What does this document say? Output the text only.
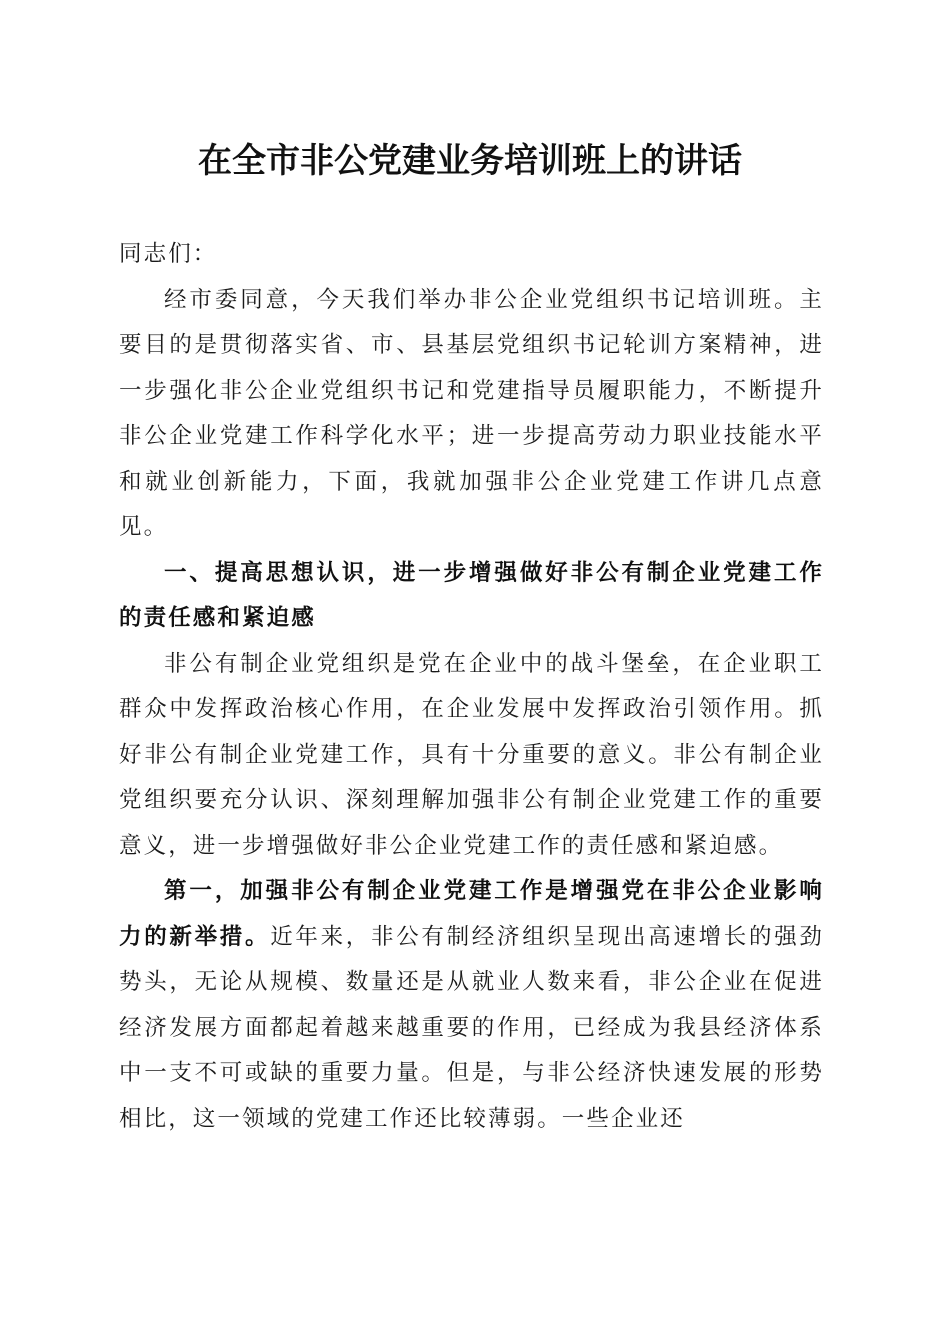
在全市非公党建业务培训班上的讲话

同志们：

经市委同意，今天我们举办非公企业党组织书记培训班。主要目的是贯彻落实省、市、县基层党组织书记轮训方案精神，进一步强化非公企业党组织书记和党建指导员履职能力，不断提升非公企业党建工作科学化水平；进一步提高劳动力职业技能水平和就业创新能力，下面，我就加强非公企业党建工作讲几点意见。

一、提高思想认识，进一步增强做好非公有制企业党建工作的责任感和紧迫感

非公有制企业党组织是党在企业中的战斗堡垒，在企业职工群众中发挥政治核心作用，在企业发展中发挥政治引领作用。抓好非公有制企业党建工作，具有十分重要的意义。非公有制企业党组织要充分认识、深刻理解加强非公有制企业党建工作的重要意义，进一步增强做好非公企业党建工作的责任感和紧迫感。

第一，加强非公有制企业党建工作是增强党在非公企业影响力的新举措。近年来，非公有制经济组织呈现出高速增长的强劲势头，无论从规模、数量还是从就业人数来看，非公企业在促进经济发展方面都起着越来越重要的作用，已经成为我县经济体系中一支不可或缺的重要力量。但是，与非公经济快速发展的形势相比，这一领域的党建工作还比较薄弱。一些企业还
